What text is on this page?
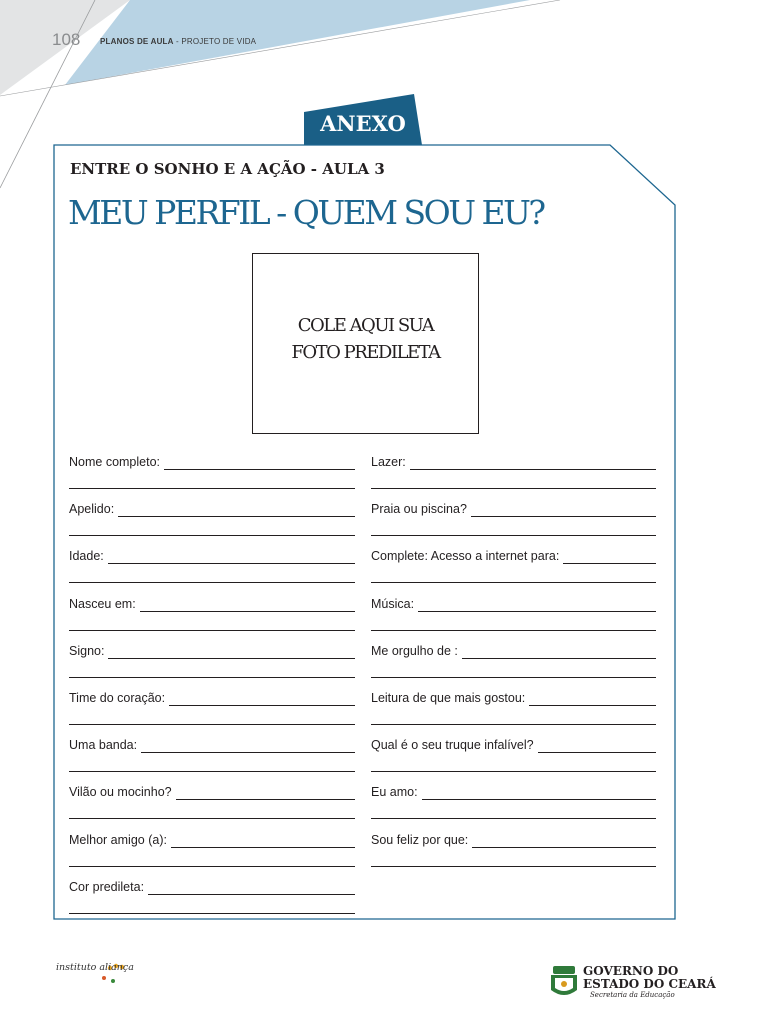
108 PLANOS DE AULA - PROJETO DE VIDA
ANEXO
ENTRE O SONHO E A AÇÃO - AULA 3
MEU PERFIL - QUEM SOU EU?
COLE AQUI SUA
FOTO PREDILETA
Nome completo:
Apelido:
Idade:
Nasceu em:
Signo:
Time do coração:
Uma banda:
Vilão ou mocinho?
Melhor amigo (a):
Cor predileta:
Lazer:
Praia ou piscina?
Complete: Acesso a internet para:
Música:
Me orgulho de :
Leitura de que mais gostou:
Qual é o seu truque infalível?
Eu amo:
Sou feliz por que:
instituto aliança	GOVERNO DO
ESTADO DO CEARÁ
Secretaria da Educação
